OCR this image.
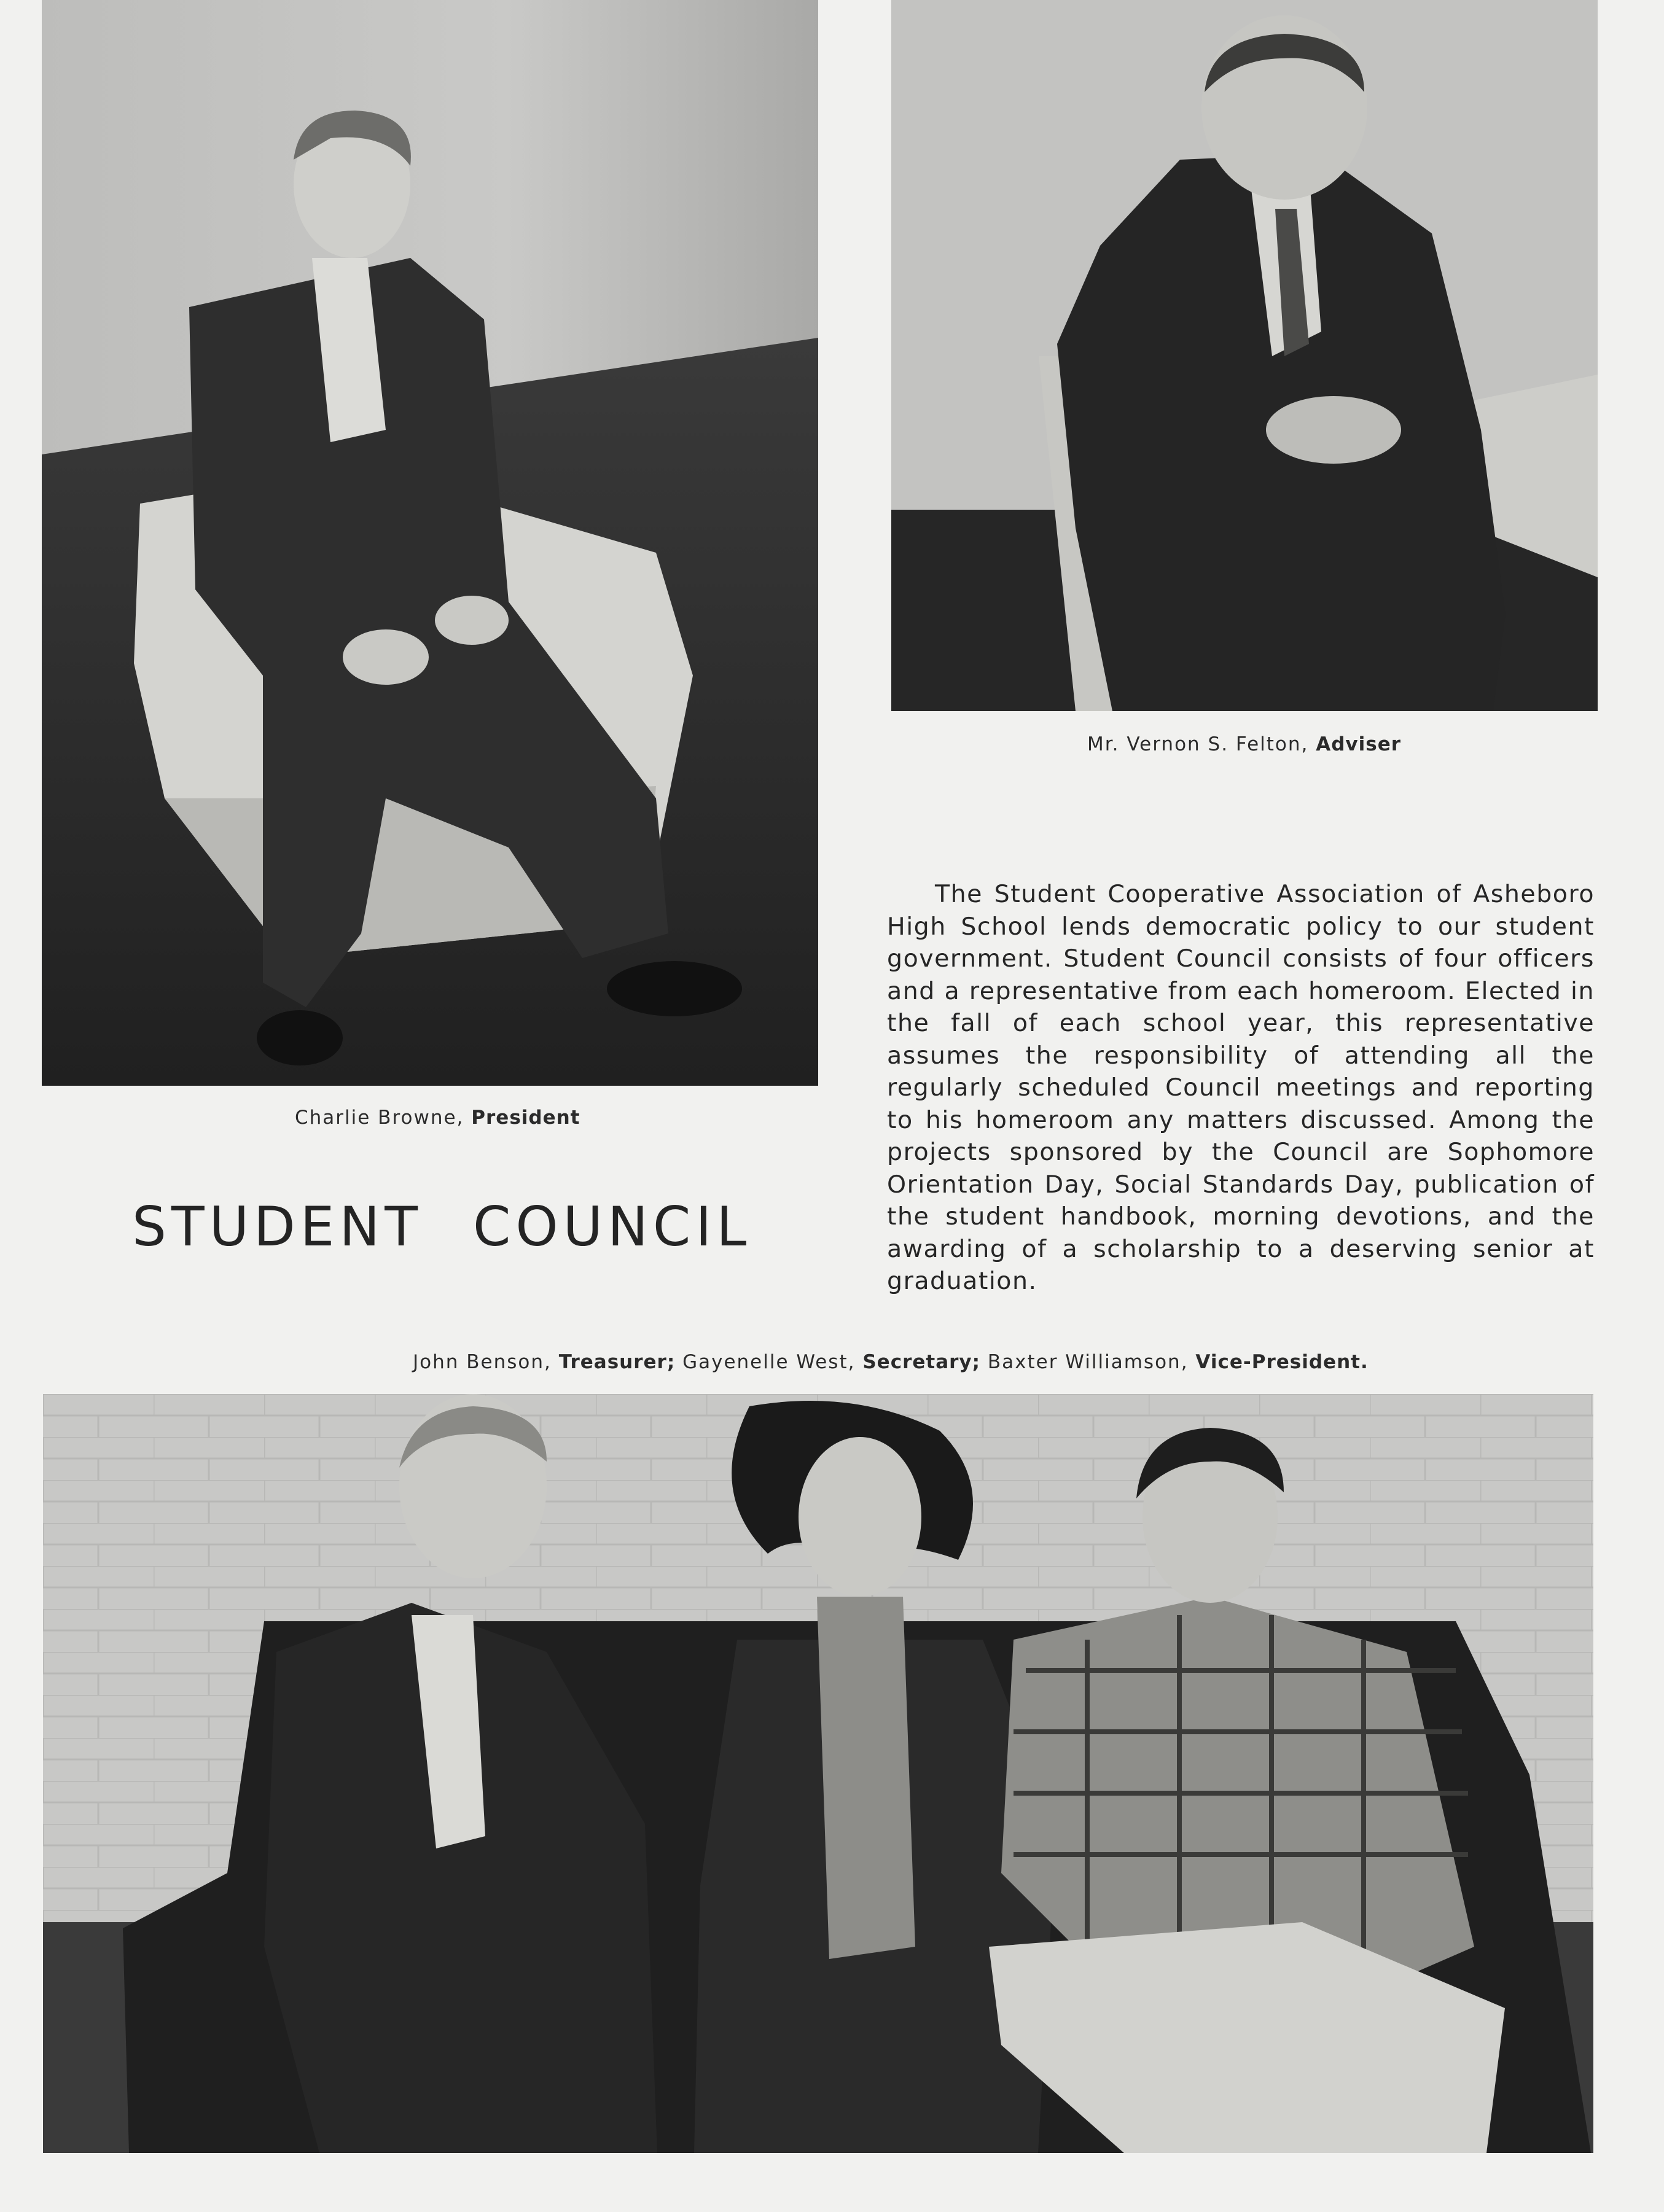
Mr. Vernon S. Felton, Adviser
Charlie Browne, President
STUDENT COUNCIL

The Student Cooperative Association of Asheboro High School lends democratic policy to our student government. Student Council consists of four officers and a representative from each homeroom. Elected in the fall of each school year, this representative assumes the responsibility of attending all the regularly scheduled Council meetings and reporting to his homeroom any matters discussed. Among the projects sponsored by the Council are Sophomore Orientation Day, Social Standards Day, publication of the student handbook, morning devotions, and the awarding of a scholarship to a deserving senior at graduation.

John Benson, Treasurer; Gayenelle West, Secretary; Baxter Williamson, Vice-President.
